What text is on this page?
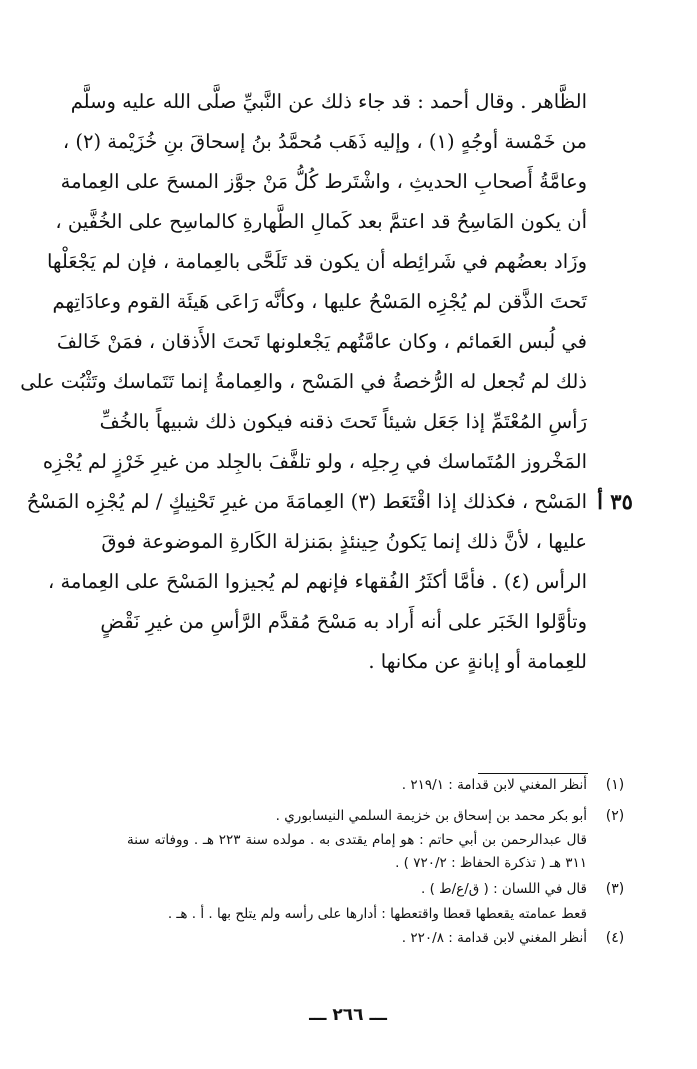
الظَّاهر . وقال أحمد : قد جاء ذلك عن النَّبيِّ صلَّى الله عليه وسلَّم
من خَمْسة أوجُهٍ (١) ، وإليه ذَهَب مُحمَّدُ بنُ إسحاقَ بنِ خُزَيْمة (٢) ،
وعامَّةُ أَصحابِ الحديثِ ، واشْتَرط كُلُّ مَنْ جوَّز المسحَ على العِمامة
أن يكون المَاسِحُ قد اعتمَّ بعد كَمالِ الطَّهارةِ كالماسِح على الخُفَّين ،
وزَاد بعضُهم في شَرائِطه أن يكون قد تَلَحَّى بالعِمامة ، فإن لم يَجْعَلْها
تَحتَ الذَّقن لم يُجْزِه المَسْحُ عليها ، وكأنَّه رَاعَى هَيئَة القوم وعادَاتِهم
في لُبس العَمائم ، وكان عامَّتُهم يَجْعلونها تَحتَ الأَذقان ، فمَنْ خَالفَ
ذلك لم تُجعل له الرُّخصةُ في المَسْح ، والعِمامةُ إنما تَتَماسك وتَثْبُت على
رَأسِ المُعْتَمِّ إذا جَعَل شيئاً تَحتَ ذقنه فيكون ذلك شبيهاً بالخُفِّ
المَخْروز المُتَماسك في رِجلِه ، ولو تلفَّفَ بالجِلد من غيرِ خَرْزٍ لم يُجْزِه
المَسْح ، فكذلك إذا اقْتَعَط (٣) العِمامَةَ من غيرِ تَحْنِيكٍ / لم يُجْزِه المَسْحُ
عليها ، لأنَّ ذلك إنما يَكونُ حِينئذٍ بمَنزلة الكَارةِ الموضوعة فوقَ
الرأس (٤) . فأمَّا أكثَرُ الفُقهاء فإنهم لم يُجيزوا المَسْحَ على العِمامة ،
وتأوَّلوا الخَبَر على أنه أَراد به مَسْحَ مُقدَّم الرَّأسِ من غيرِ نَقْضٍ
للعِمامة أو إبانةٍ عن مكانها .
٣٥ أ
(١)
أنظر المغني لابن قدامة : ٢١٩/١ .
(٢)
أبو بكر محمد بن إسحاق بن خزيمة السلمي النيسابوري .
قال عبدالرحمن بن أبي حاتم : هو إمام يقتدى به . مولده سنة ٢٢٣ هـ . ووفاته سنة
٣١١ هـ ( تذكرة الحفاظ : ٧٢٠/٢ ) .
(٣)
قال في اللسان : ( ق/ع/ط ) .
قعط عمامته يقعطها قعطا واقتعطها : أدارها على رأسه ولم يتلح بها . أ . هـ .
(٤)
أنظر المغني لابن قدامة : ٢٢٠/٨ .
ـــ ٢٦٦ ـــ
